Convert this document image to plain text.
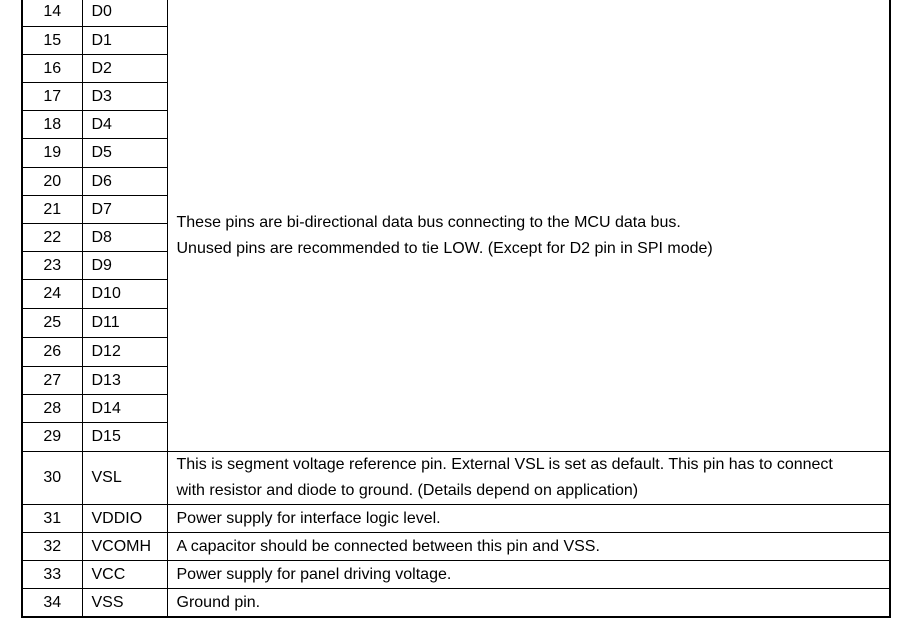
14	D0	These pins are bi-directional data bus connecting to the MCU data bus.
Unused pins are recommended to tie LOW. (Except for D2 pin in SPI mode)

15	D1	
16	D2	
17	D3	
18	D4	
19	D5	
20	D6	
21	D7	
22	D8	
23	D9	
24	D10	
25	D11	
26	D12	
27	D13	
28	D14	
29	D15	
30	VSL	This is segment voltage reference pin. External VSL is set as default. This pin has to connect
with resistor and diode to ground. (Details depend on application)

31	VDDIO	Power supply for interface logic level.
32	VCOMH	A capacitor should be connected between this pin and VSS.
33	VCC	Power supply for panel driving voltage.
34	VSS	Ground pin.
